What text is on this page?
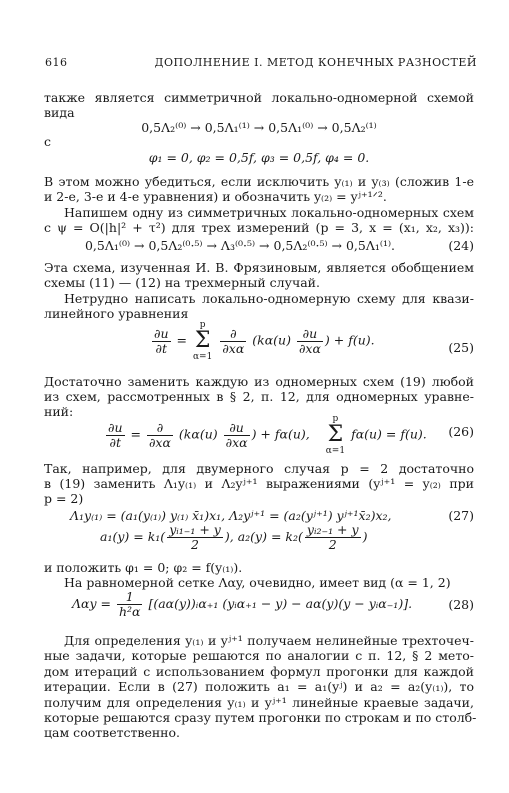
616	ДОПОЛНЕНИЕ I. МЕТОД КОНЕЧНЫХ РАЗНОСТЕЙ
также является симметричной локально-одномерной схемой
вида
0,5Λ₂⁽⁰⁾ → 0,5Λ₁⁽¹⁾ → 0,5Λ₁⁽⁰⁾ → 0,5Λ₂⁽¹⁾
с
φ₁ = 0, φ₂ = 0,5f, φ₃ = 0,5f, φ₄ = 0.
В этом можно убедиться, если исключить y₍₁₎ и y₍₃₎ (сложив 1-е
и 2-е, 3-е и 4-е уравнения) и обозначить y₍₂₎ = yʲ⁺¹ᐟ².
Напишем одну из симметричных локально-одномерных схем
с ψ = O(|h|² + τ²) для трех измерений (p = 3, x = (x₁, x₂, x₃)):
0,5Λ₁⁽⁰⁾ → 0,5Λ₂⁽⁰·⁵⁾ → Λ₃⁽⁰·⁵⁾ → 0,5Λ₂⁽⁰·⁵⁾ → 0,5Λ₁⁽¹⁾.	(24)
Эта схема, изученная И. В. Фрязиновым, является обобщением
схемы (11) — (12) на трехмерный случай.
Нетрудно написать локально-одномерную схему для квази-
линейного уравнения
$\frac{\partial u}{\partial t}$ =
p
Σ
α=1

∂
∂xα
($k\alpha(u) \frac{\partial u}{\partial x\alpha}$ ) + f(u).	(25)
Достаточно заменить каждую из одномерных схем (19) любой
из схем, рассмотренных в § 2, п. 12, для одномерных уравне-
ний:
$\frac{\partial u}{\partial t}$ =	∂
∂xα
($k\alpha(u) \frac{\partial u}{\partial x\alpha}$ ) + fα(u),
p
Σ
α=1
fα(u) = f(u).	(26)
Так, например, для двумерного случая p = 2 достаточно
в (19) заменить Λ₁y₍₁₎ и Λ₂yʲ⁺¹ выражениями (yʲ⁺¹ = y₍₂₎ при
p = 2)
Λ₁y₍₁₎ = (a₁(y₍₁₎) y₍₁₎ x̄₁)x₁, Λ₂yʲ⁺¹ = (a₂(yʲ⁺¹) yʲ⁺¹x̄₂)x₂,	(27)
$a_1(y) = k_1( \frac{\text{yᵢ₁₋₁ + y}}{2}$ ), $a_2(y) = k_2( \frac{\text{yᵢ₂₋₁ + y}}{2}$ )
и положить φ₁ = 0; φ₂ = f(y₍₁₎).
На равномерной сетке Λαy, очевидно, имеет вид (α = 1, 2)
$\Lambda\alpha y = \frac{1}{\text{h²α}}$ [(aα(y))ᵢα₊₁ (yᵢα₊₁ − y) − aα(y)(y − yᵢα₋₁)].	(28)
Для определения y₍₁₎ и yʲ⁺¹ получаем нелинейные трехточеч-
ные задачи, которые решаются по аналогии с п. 12, § 2 мето-
дом итераций с использованием формул прогонки для каждой
итерации. Если в (27) положить a₁ = a₁(yʲ) и a₂ = a₂(y₍₁₎), то
получим для определения y₍₁₎ и yʲ⁺¹ линейные краевые задачи,
которые решаются сразу путем прогонки по строкам и по столб-
цам соответственно.
